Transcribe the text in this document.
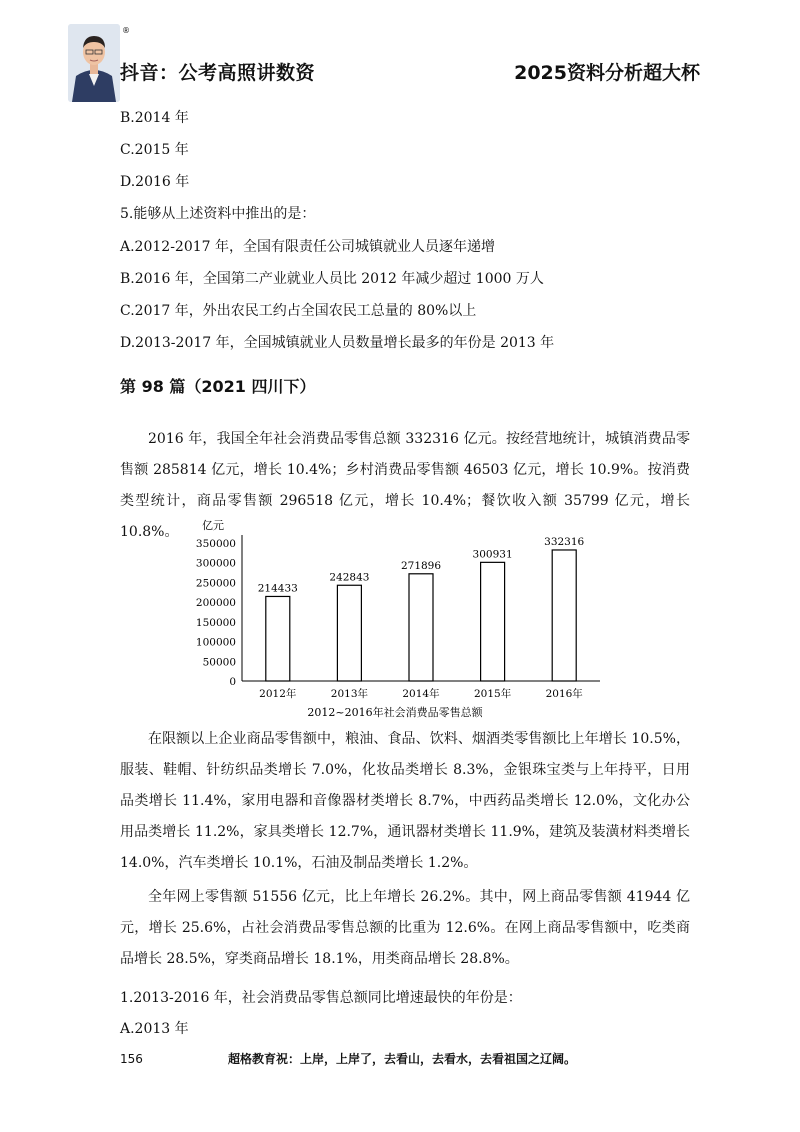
®
抖音：公考高照讲数资	2025资料分析超大杯
B.2014 年
C.2015 年
D.2016 年
5.能够从上述资料中推出的是：
A.2012-2017 年，全国有限责任公司城镇就业人员逐年递增
B.2016 年，全国第二产业就业人员比 2012 年减少超过 1000 万人
C.2017 年，外出农民工约占全国农民工总量的 80%以上
D.2013-2017 年，全国城镇就业人员数量增长最多的年份是 2013 年
第 98 篇（2021 四川下）

2016 年，我国全年社会消费品零售总额 332316 亿元。按经营地统计，城镇消费品零售额 285814 亿元，增长 10.4%；乡村消费品零售额 46503 亿元，增长 10.9%。按消费类型统计，商品零售额 296518 亿元，增长 10.4%；餐饮收入额 35799 亿元，增长 10.8%。	亿元
0
50000
100000
150000
200000
250000
300000
350000
214433
242843
271896
300931
332316
2012年	2013年	2014年	2015年	2016年
2012~2016年社会消费品零售总额

在限额以上企业商品零售额中，粮油、食品、饮料、烟酒类零售额比上年增长 10.5%，服装、鞋帽、针纺织品类增长 7.0%，化妆品类增长 8.3%，金银珠宝类与上年持平，日用品类增长 11.4%，家用电器和音像器材类增长 8.7%，中西药品类增长 12.0%，文化办公用品类增长 11.2%，家具类增长 12.7%，通讯器材类增长 11.9%，建筑及装潢材料类增长 14.0%，汽车类增长 10.1%，石油及制品类增长 1.2%。

全年网上零售额 51556 亿元，比上年增长 26.2%。其中，网上商品零售额 41944 亿元，增长 25.6%，占社会消费品零售总额的比重为 12.6%。在网上商品零售额中，吃类商品增长 28.5%，穿类商品增长 18.1%，用类商品增长 28.8%。

1.2013-2016 年，社会消费品零售总额同比增速最快的年份是：
A.2013 年
156	超格教育祝：上岸，上岸了，去看山，去看水，去看祖国之辽阔。
